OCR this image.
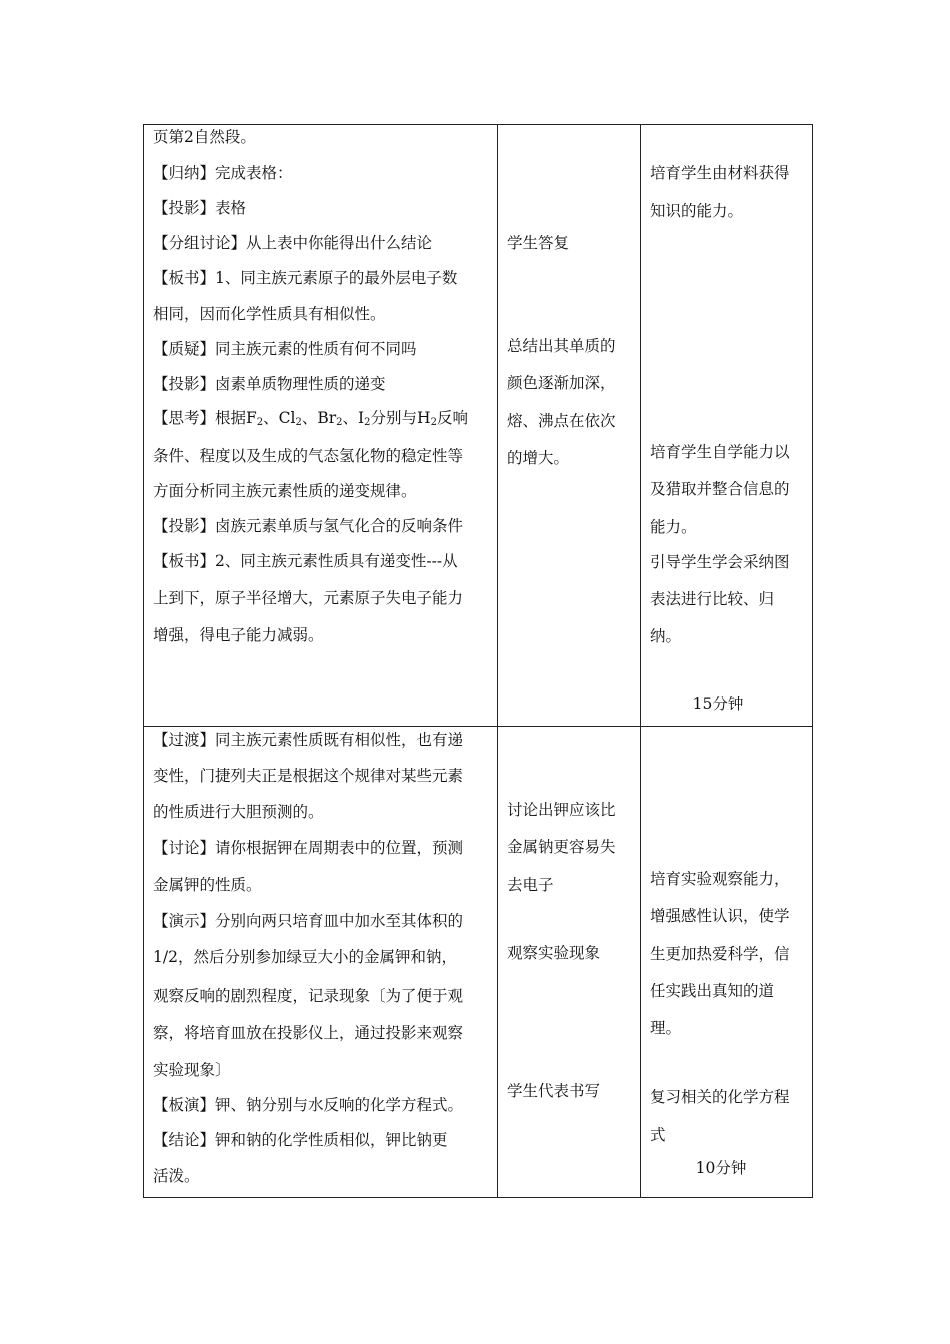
页第2自然段。
【归纳】完成表格：
【投影】表格
【分组讨论】从上表中你能得出什么结论
【板书】1、同主族元素原子的最外层电子数
相同，因而化学性质具有相似性。
【质疑】同主族元素的性质有何不同吗
【投影】卤素单质物理性质的递变
【思考】根据$F_2$、$Cl_2$、$Br_2$、$I_2$分别与$H_2$反响
条件、程度以及生成的气态氢化物的稳定性等
方面分析同主族元素性质的递变规律。
【投影】卤族元素单质与氢气化合的反响条件
【板书】2、同主族元素性质具有递变性---从
上到下，原子半径增大，元素原子失电子能力
增强，得电子能力减弱。
学生答复
总结出其单质的
颜色逐渐加深，
熔、沸点在依次
的增大。
培育学生由材料获得
知识的能力。
培育学生自学能力以
及猎取并整合信息的
能力。
引导学生学会采纳图
表法进行比较、归
纳。
15分钟
【过渡】同主族元素性质既有相似性，也有递
变性，门捷列夫正是根据这个规律对某些元素
的性质进行大胆预测的。
【讨论】请你根据钾在周期表中的位置，预测
金属钾的性质。
【演示】分别向两只培育皿中加水至其体积的
1/2，然后分别参加绿豆大小的金属钾和钠，
观察反响的剧烈程度，记录现象〔为了便于观
察，将培育皿放在投影仪上，通过投影来观察
实验现象〕
【板演】钾、钠分别与水反响的化学方程式。
【结论】钾和钠的化学性质相似，钾比钠更
活泼。
讨论出钾应该比
金属钠更容易失
去电子
观察实验现象
学生代表书写
培育实验观察能力，
增强感性认识，使学
生更加热爱科学，信
任实践出真知的道
理。
复习相关的化学方程
式
10分钟
